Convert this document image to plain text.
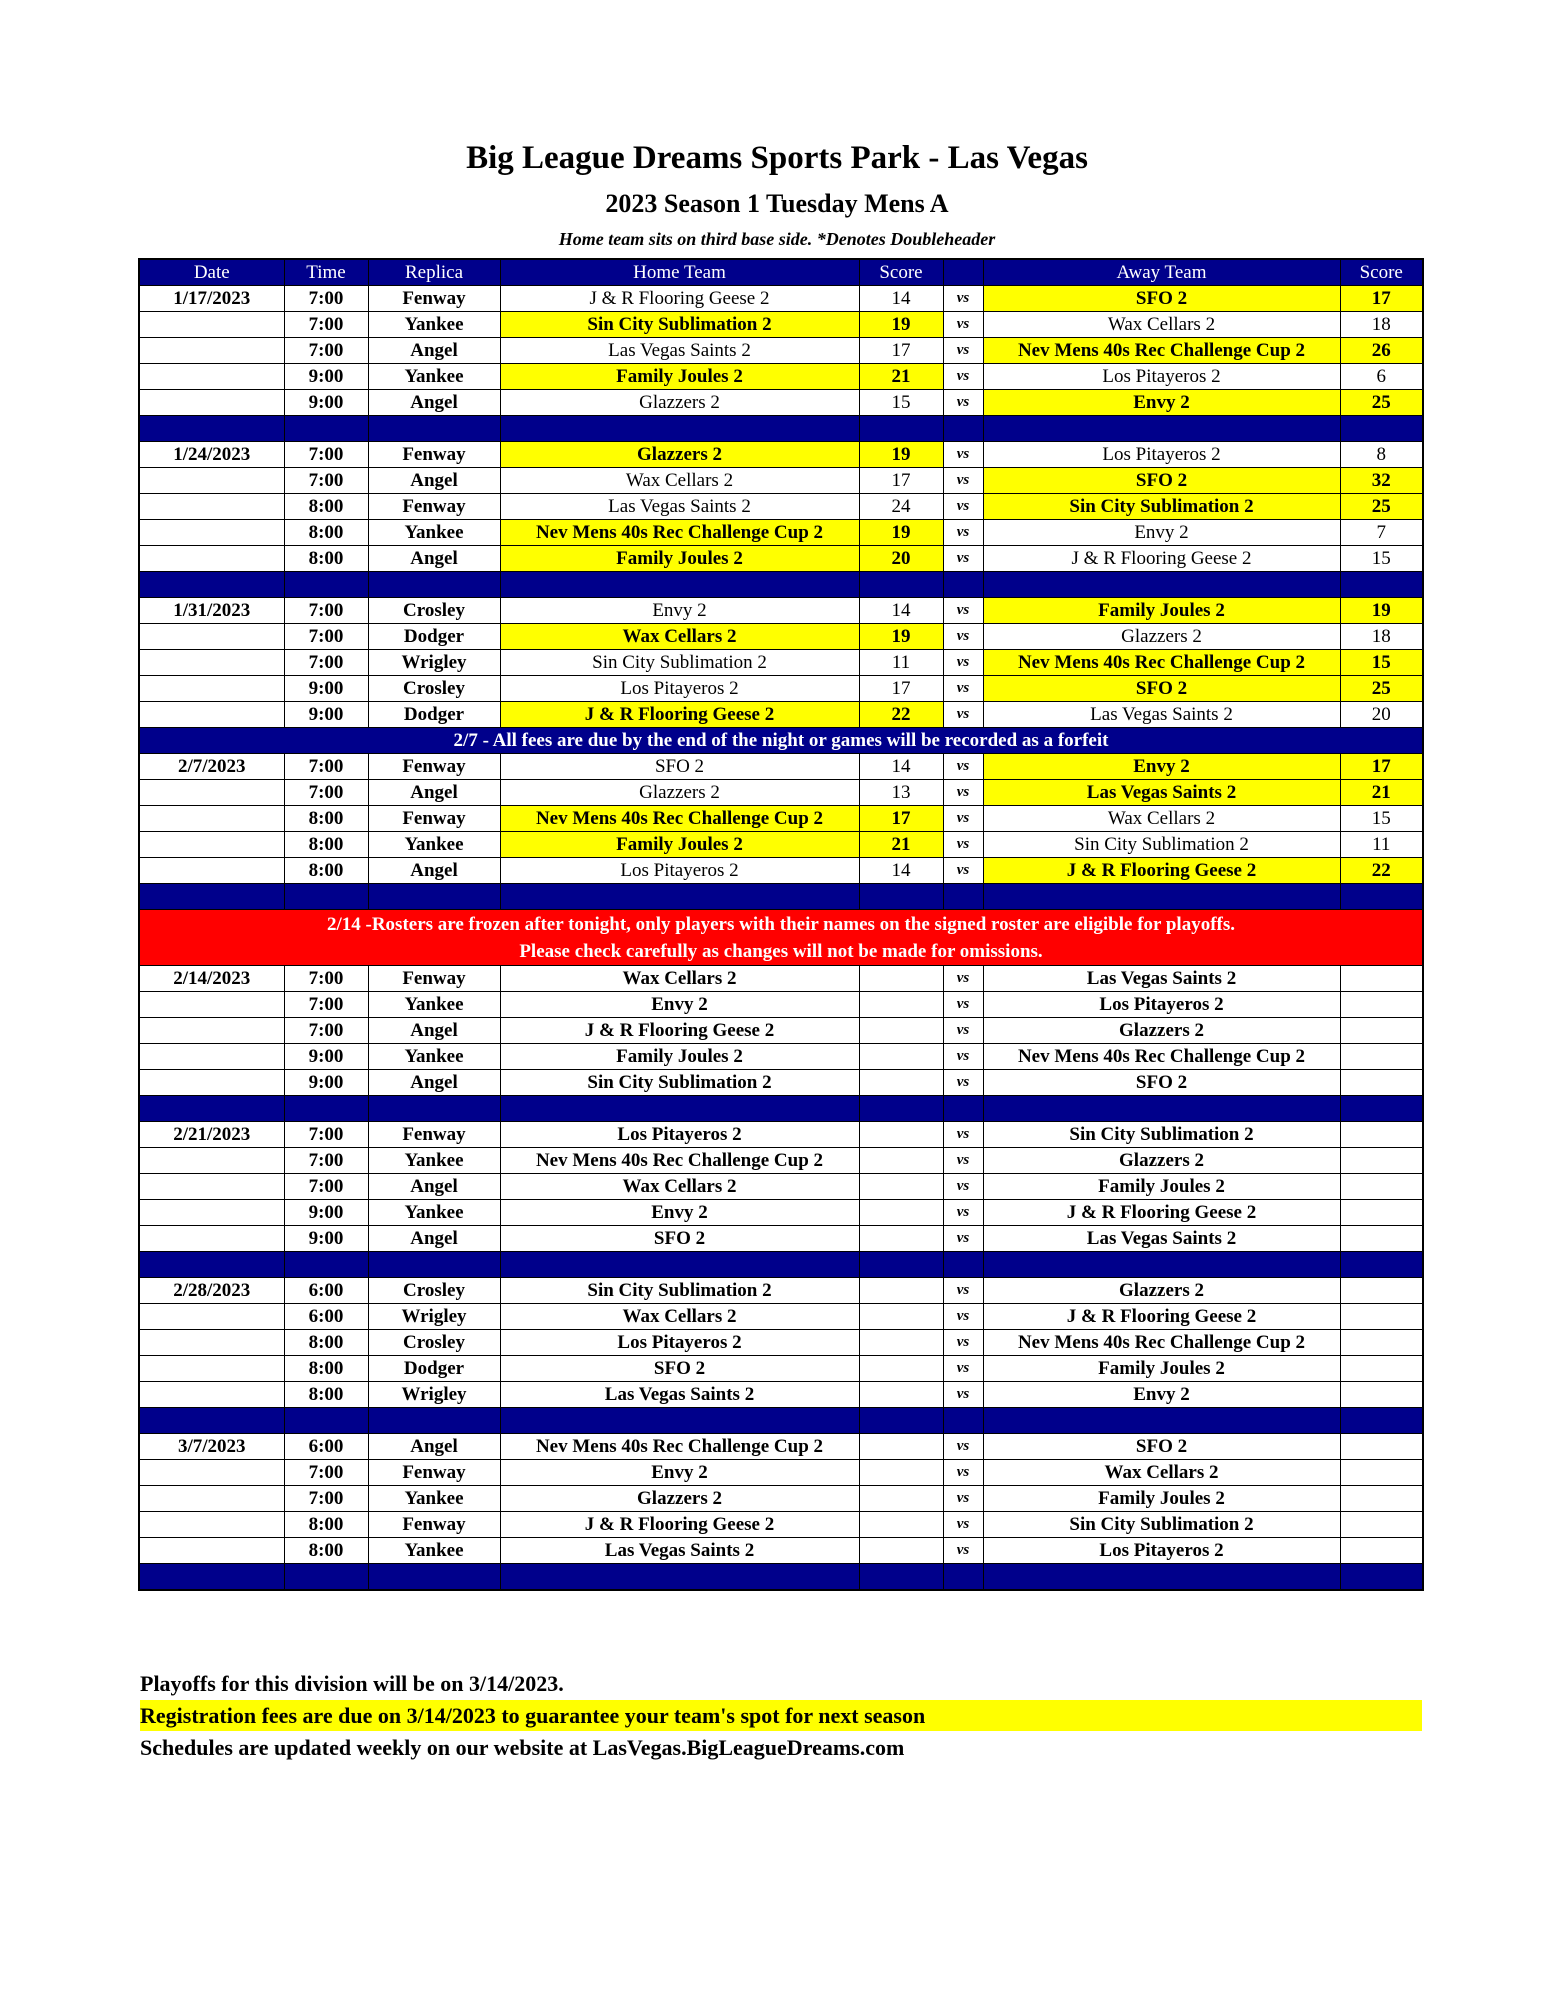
Big League Dreams Sports Park - Las Vegas
2023 Season 1 Tuesday Mens A
Home team sits on third base side. *Denotes Doubleheader
Date	Time	Replica	Home Team	Score		Away Team	Score
1/17/2023	7:00	Fenway	J & R Flooring Geese 2	14	vs	SFO 2	17
	7:00	Yankee	Sin City Sublimation 2	19	vs	Wax Cellars 2	18
	7:00	Angel	Las Vegas Saints 2	17	vs	Nev Mens 40s Rec Challenge Cup 2	26
	9:00	Yankee	Family Joules 2	21	vs	Los Pitayeros 2	6
	9:00	Angel	Glazzers 2	15	vs	Envy 2	25

1/24/2023	7:00	Fenway	Glazzers 2	19	vs	Los Pitayeros 2	8
	7:00	Angel	Wax Cellars 2	17	vs	SFO 2	32
	8:00	Fenway	Las Vegas Saints 2	24	vs	Sin City Sublimation 2	25
	8:00	Yankee	Nev Mens 40s Rec Challenge Cup 2	19	vs	Envy 2	7
	8:00	Angel	Family Joules 2	20	vs	J & R Flooring Geese 2	15

1/31/2023	7:00	Crosley	Envy 2	14	vs	Family Joules 2	19
	7:00	Dodger	Wax Cellars 2	19	vs	Glazzers 2	18
	7:00	Wrigley	Sin City Sublimation 2	11	vs	Nev Mens 40s Rec Challenge Cup 2	15
	9:00	Crosley	Los Pitayeros 2	17	vs	SFO 2	25
	9:00	Dodger	J & R Flooring Geese 2	22	vs	Las Vegas Saints 2	20
2/7 - All fees are due by the end of the night or games will be recorded as a forfeit							
2/7/2023	7:00	Fenway	SFO 2	14	vs	Envy 2	17
	7:00	Angel	Glazzers 2	13	vs	Las Vegas Saints 2	21
	8:00	Fenway	Nev Mens 40s Rec Challenge Cup 2	17	vs	Wax Cellars 2	15
	8:00	Yankee	Family Joules 2	21	vs	Sin City Sublimation 2	11
	8:00	Angel	Los Pitayeros 2	14	vs	J & R Flooring Geese 2	22

2/14 -Rosters are frozen after tonight, only players with their names on the signed roster are eligible for playoffs.
Please check carefully as changes will not be made for omissions.							

2/14/2023	7:00	Fenway	Wax Cellars 2		vs	Las Vegas Saints 2	
	7:00	Yankee	Envy 2		vs	Los Pitayeros 2	
	7:00	Angel	J & R Flooring Geese 2		vs	Glazzers 2	
	9:00	Yankee	Family Joules 2		vs	Nev Mens 40s Rec Challenge Cup 2	
	9:00	Angel	Sin City Sublimation 2		vs	SFO 2	

2/21/2023	7:00	Fenway	Los Pitayeros 2		vs	Sin City Sublimation 2	
	7:00	Yankee	Nev Mens 40s Rec Challenge Cup 2		vs	Glazzers 2	
	7:00	Angel	Wax Cellars 2		vs	Family Joules 2	
	9:00	Yankee	Envy 2		vs	J & R Flooring Geese 2	
	9:00	Angel	SFO 2		vs	Las Vegas Saints 2	

2/28/2023	6:00	Crosley	Sin City Sublimation 2		vs	Glazzers 2	
	6:00	Wrigley	Wax Cellars 2		vs	J & R Flooring Geese 2	
	8:00	Crosley	Los Pitayeros 2		vs	Nev Mens 40s Rec Challenge Cup 2	
	8:00	Dodger	SFO 2		vs	Family Joules 2	
	8:00	Wrigley	Las Vegas Saints 2		vs	Envy 2	

3/7/2023	6:00	Angel	Nev Mens 40s Rec Challenge Cup 2		vs	SFO 2	
	7:00	Fenway	Envy 2		vs	Wax Cellars 2	
	7:00	Yankee	Glazzers 2		vs	Family Joules 2	
	8:00	Fenway	J & R Flooring Geese 2		vs	Sin City Sublimation 2	
	8:00	Yankee	Las Vegas Saints 2		vs	Los Pitayeros 2	

Playoffs for this division will be on 3/14/2023.
Registration fees are due on 3/14/2023 to guarantee your team's spot for next season
Schedules are updated weekly on our website at LasVegas.BigLeagueDreams.com
